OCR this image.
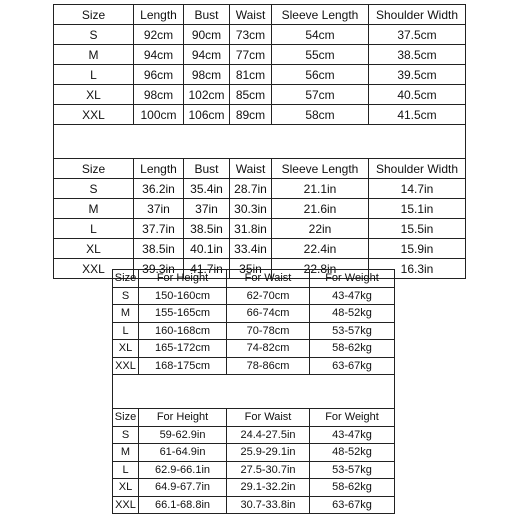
Size	Length	Bust	Waist	Sleeve Length	Shoulder Width
S	92cm	90cm	73cm	54cm	37.5cm
M	94cm	94cm	77cm	55cm	38.5cm
L	96cm	98cm	81cm	56cm	39.5cm
XL	98cm	102cm	85cm	57cm	40.5cm
XXL	100cm	106cm	89cm	58cm	41.5cm

Size	Length	Bust	Waist	Sleeve Length	Shoulder Width
S	36.2in	35.4in	28.7in	21.1in	14.7in
M	37in	37in	30.3in	21.6in	15.1in
L	37.7in	38.5in	31.8in	22in	15.5in
XL	38.5in	40.1in	33.4in	22.4in	15.9in
XXL	39.3in	41.7in	35in	22.8in	16.3in
Size	For Height	For Waist	For Weight
S	150-160cm	62-70cm	43-47kg
M	155-165cm	66-74cm	48-52kg
L	160-168cm	70-78cm	53-57kg
XL	165-172cm	74-82cm	58-62kg
XXL	168-175cm	78-86cm	63-67kg

Size	For Height	For Waist	For Weight
S	59-62.9in	24.4-27.5in	43-47kg
M	61-64.9in	25.9-29.1in	48-52kg
L	62.9-66.1in	27.5-30.7in	53-57kg
XL	64.9-67.7in	29.1-32.2in	58-62kg
XXL	66.1-68.8in	30.7-33.8in	63-67kg
